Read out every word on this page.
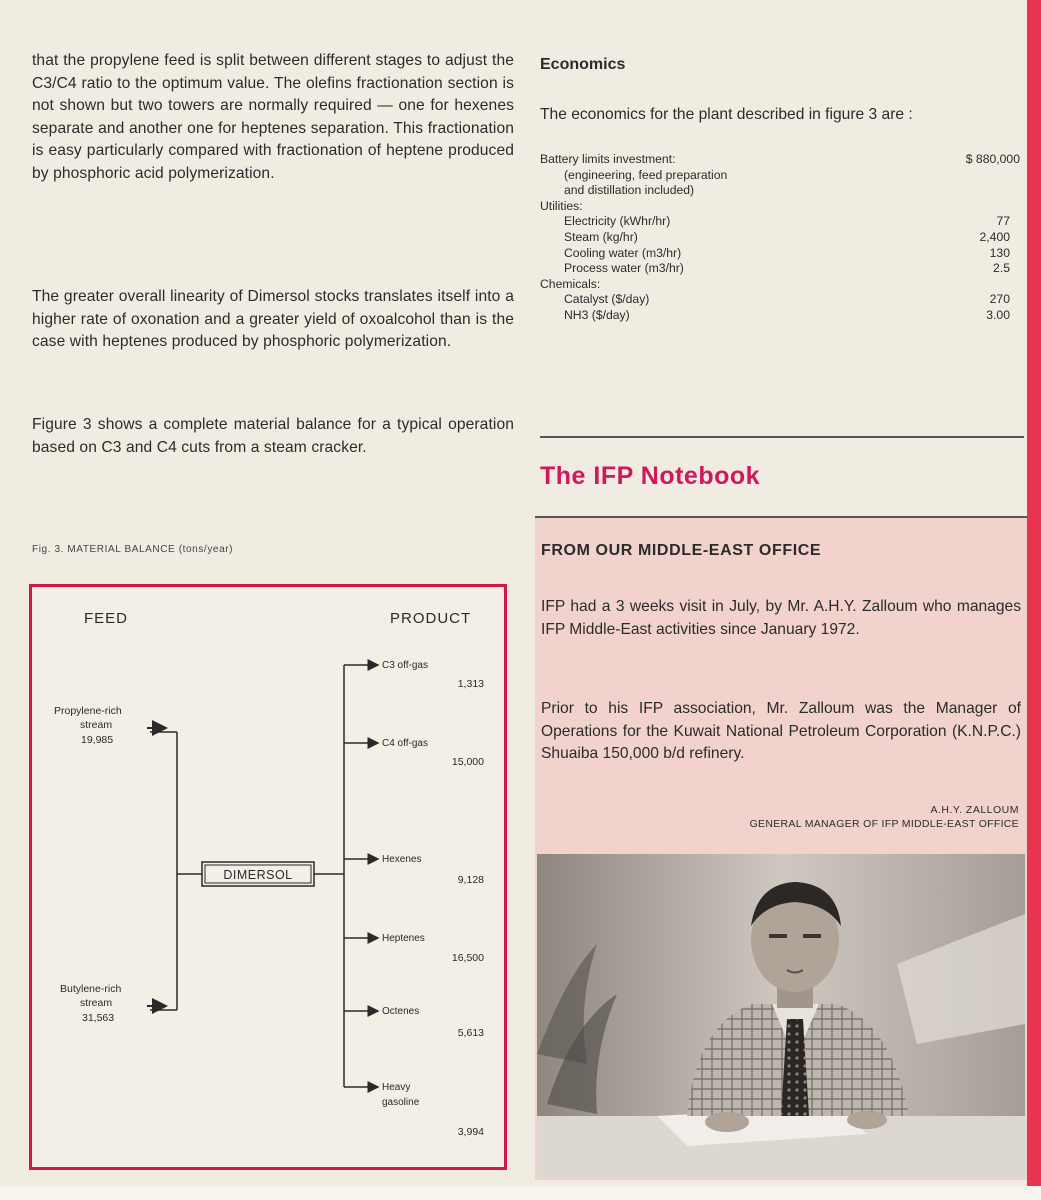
that the propylene feed is split between different stages to adjust the C3/C4 ratio to the optimum value. The olefins fractionation section is not shown but two towers are normally required — one for hexenes separate and another one for heptenes separation. This fractionation is easy particularly compared with fractionation of heptene produced by phosphoric acid polymerization.

The greater overall linearity of Dimersol stocks translates itself into a higher rate of oxonation and a greater yield of oxoalcohol than is the case with heptenes produced by phosphoric polymerization.

Figure 3 shows a complete material balance for a typical operation based on C3 and C4 cuts from a steam cracker.

Fig. 3. MATERIAL BALANCE (tons/year)
FEED	PRODUCT
Propylene-rich
stream
19,985
Butylene-rich
stream
31,563
DIMERSOL
C3 off-gas
1,313
C4 off-gas
15,000
Hexenes
9,128
Heptenes
16,500
Octenes
5,613
Heavy
gasoline
3,994
Economics

The economics for the plant described in figure 3 are :

Battery limits investment:	$ 880,000
(engineering, feed preparation
and distillation included)
Utilities:
Electricity (kWhr/hr)	77
Steam (kg/hr)	2,400
Cooling water (m3/hr)	130
Process water (m3/hr)	2.5
Chemicals:
Catalyst ($/day)	270
NH3 ($/day)	3.00
The IFP Notebook
FROM OUR MIDDLE-EAST OFFICE

IFP had a 3 weeks visit in July, by Mr. A.H.Y. Zalloum who manages IFP Middle-East activities since January 1972.

Prior to his IFP association, Mr. Zalloum was the Manager of Operations for the Kuwait National Petroleum Corporation (K.N.P.C.) Shuaiba 150,000 b/d refinery.

A.H.Y. ZALLOUM
GENERAL MANAGER OF IFP MIDDLE-EAST OFFICE
